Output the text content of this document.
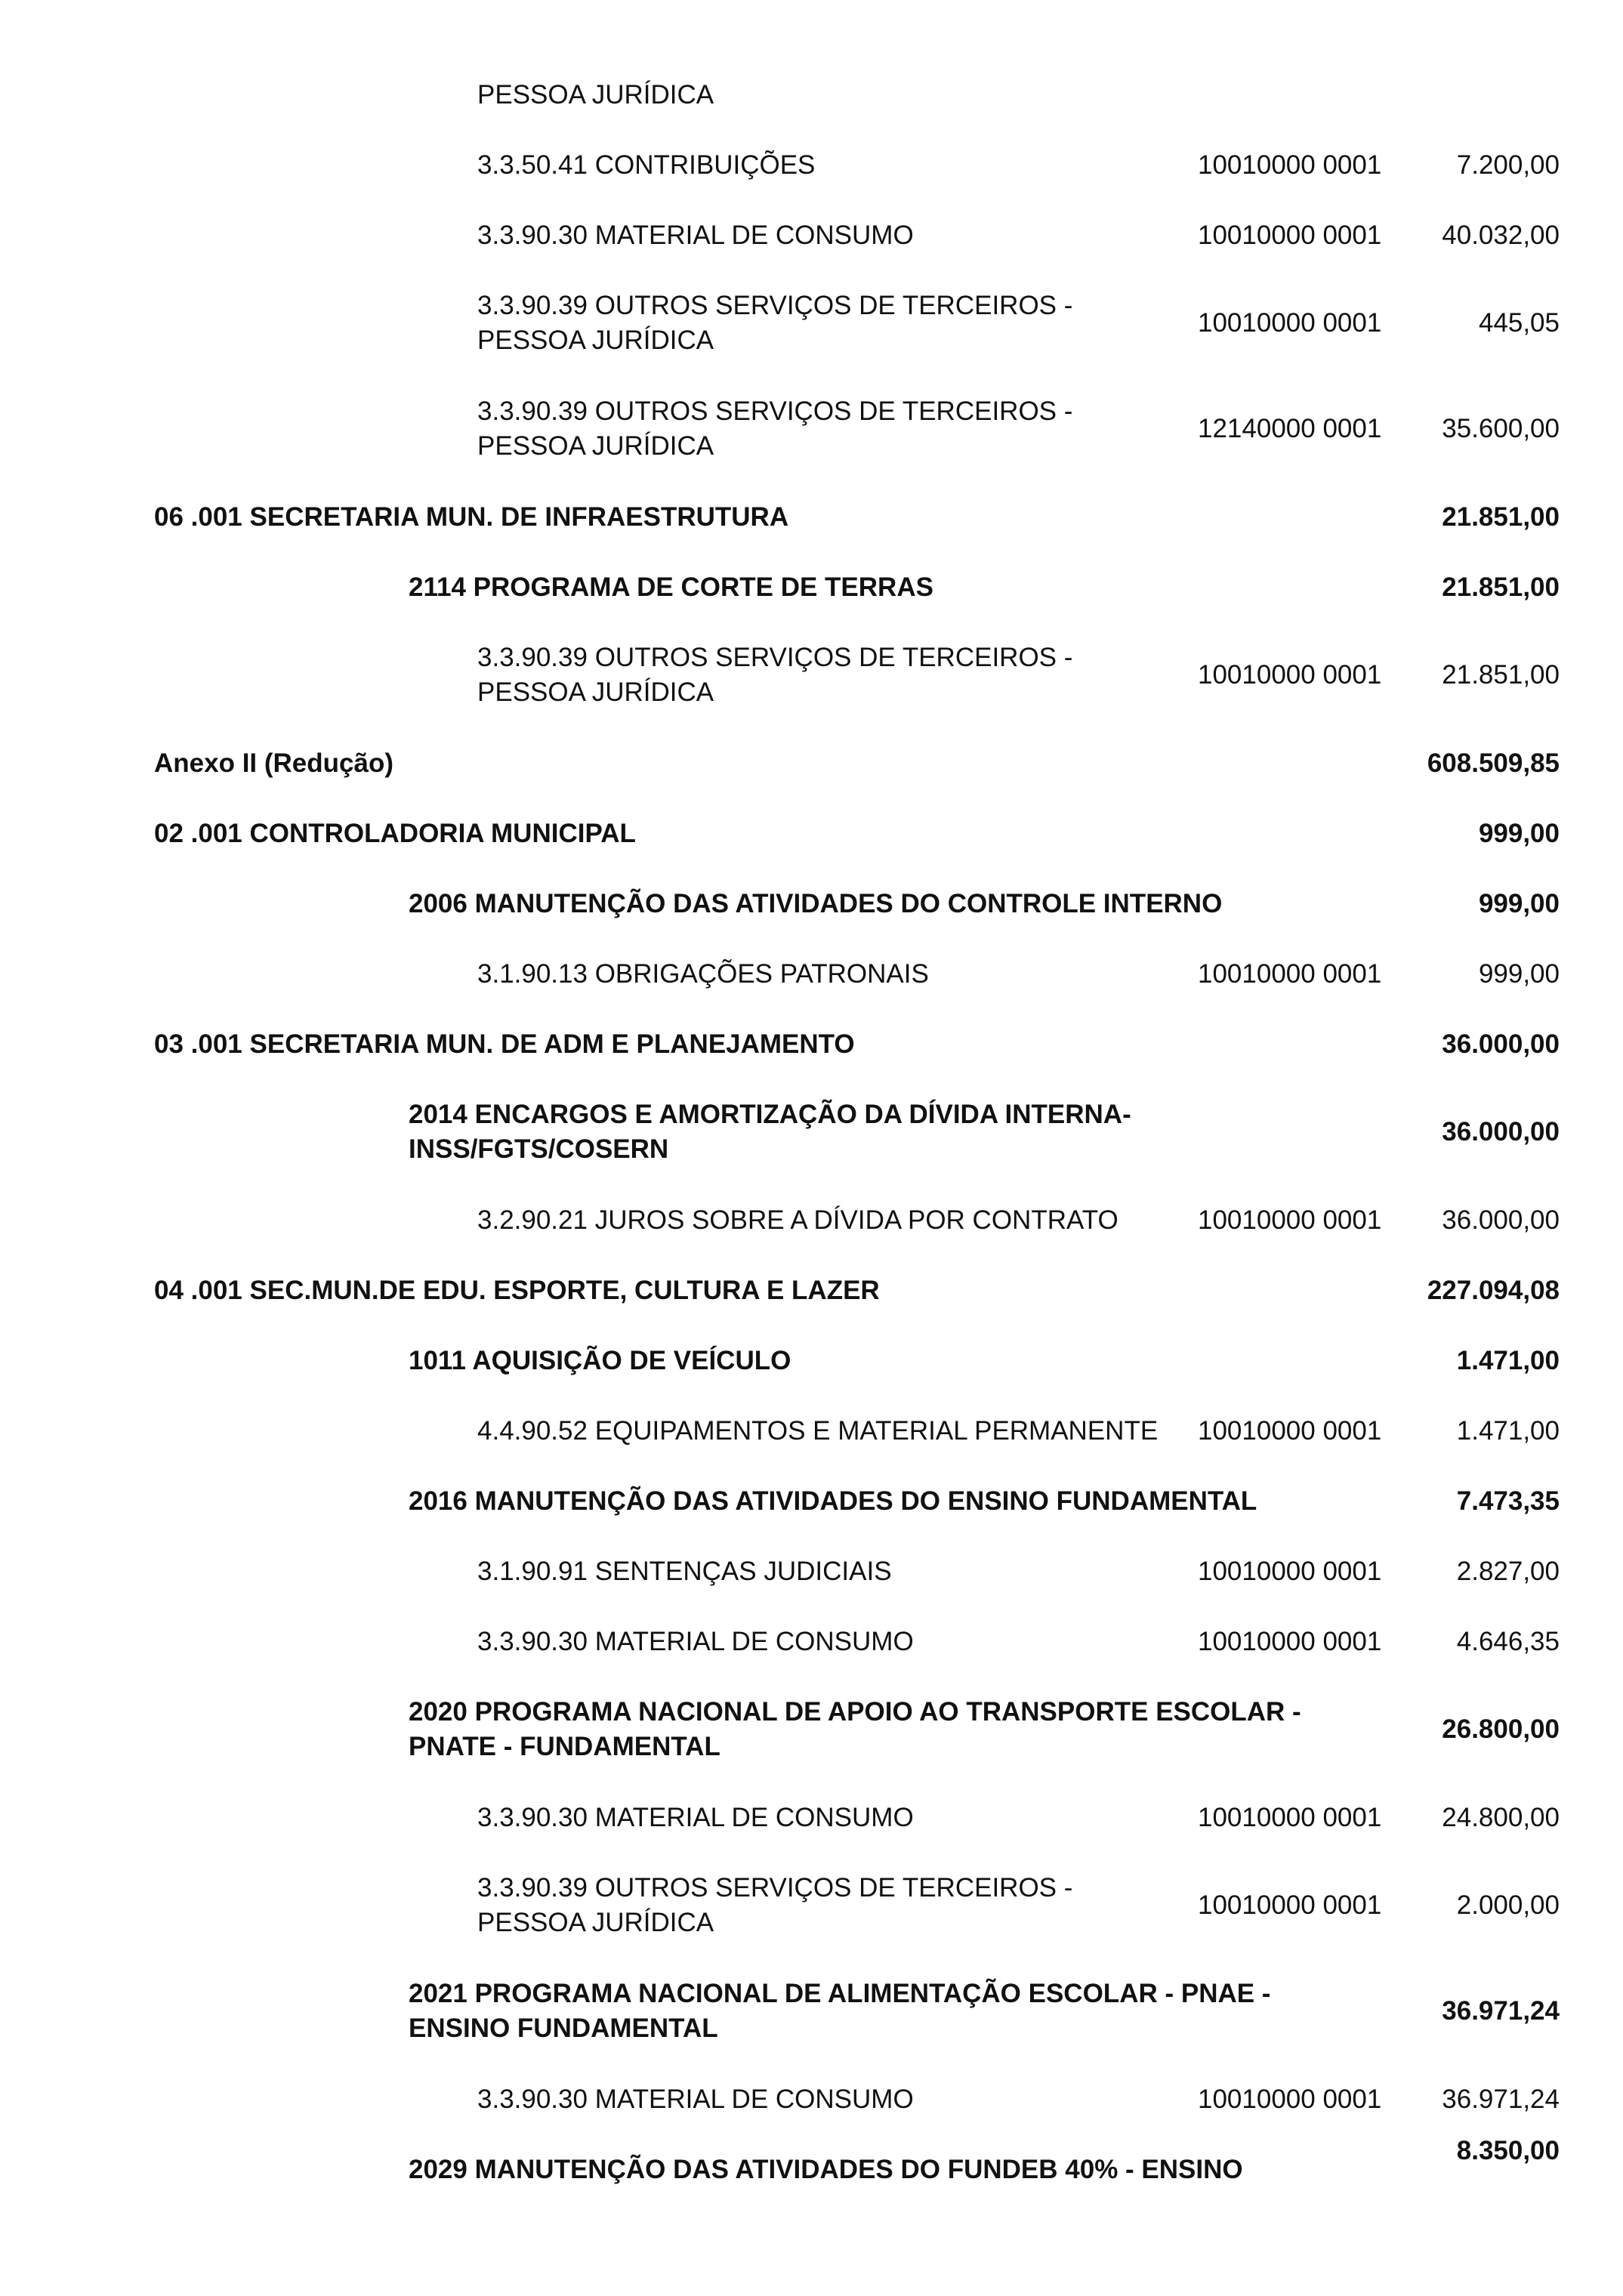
PESSOA JURÍDICA
3.3.50.41 CONTRIBUIÇÕES	10010000 0001	7.200,00
3.3.90.30 MATERIAL DE CONSUMO	10010000 0001 40.032,00
3.3.90.39 OUTROS SERVIÇOS DE TERCEIROS -
PESSOA JURÍDICA
10010000 0001	445,05
3.3.90.39 OUTROS SERVIÇOS DE TERCEIROS -
PESSOA JURÍDICA
12140000 0001 35.600,00
06 .001 SECRETARIA MUN. DE INFRAESTRUTURA	21.851,00
2114 PROGRAMA DE CORTE DE TERRAS	21.851,00
3.3.90.39 OUTROS SERVIÇOS DE TERCEIROS -
PESSOA JURÍDICA
10010000 0001 21.851,00
Anexo II (Redução)	608.509,85
02 .001 CONTROLADORIA MUNICIPAL	999,00
2006 MANUTENÇÃO DAS ATIVIDADES DO CONTROLE INTERNO	999,00
3.1.90.13 OBRIGAÇÕES PATRONAIS	10010000 0001	999,00
03 .001 SECRETARIA MUN. DE ADM E PLANEJAMENTO	36.000,00
2014 ENCARGOS E AMORTIZAÇÃO DA DÍVIDA INTERNA-
INSS/FGTS/COSERN
36.000,00
3.2.90.21 JUROS SOBRE A DÍVIDA POR CONTRATO	10010000 0001 36.000,00
04 .001 SEC.MUN.DE EDU. ESPORTE, CULTURA E LAZER	227.094,08
1011 AQUISIÇÃO DE VEÍCULO	1.471,00
4.4.90.52 EQUIPAMENTOS E MATERIAL PERMANENTE 10010000 0001	1.471,00
2016 MANUTENÇÃO DAS ATIVIDADES DO ENSINO FUNDAMENTAL	7.473,35
3.1.90.91 SENTENÇAS JUDICIAIS	10010000 0001	2.827,00
3.3.90.30 MATERIAL DE CONSUMO	10010000 0001	4.646,35
2020 PROGRAMA NACIONAL DE APOIO AO TRANSPORTE ESCOLAR -
PNATE - FUNDAMENTAL
26.800,00
3.3.90.30 MATERIAL DE CONSUMO	10010000 0001 24.800,00
3.3.90.39 OUTROS SERVIÇOS DE TERCEIROS -
PESSOA JURÍDICA
10010000 0001	2.000,00
2021 PROGRAMA NACIONAL DE ALIMENTAÇÃO ESCOLAR - PNAE -
ENSINO FUNDAMENTAL
36.971,24
3.3.90.30 MATERIAL DE CONSUMO	10010000 0001 36.971,24
2029 MANUTENÇÃO DAS ATIVIDADES DO FUNDEB 40% - ENSINO
8.350,00
